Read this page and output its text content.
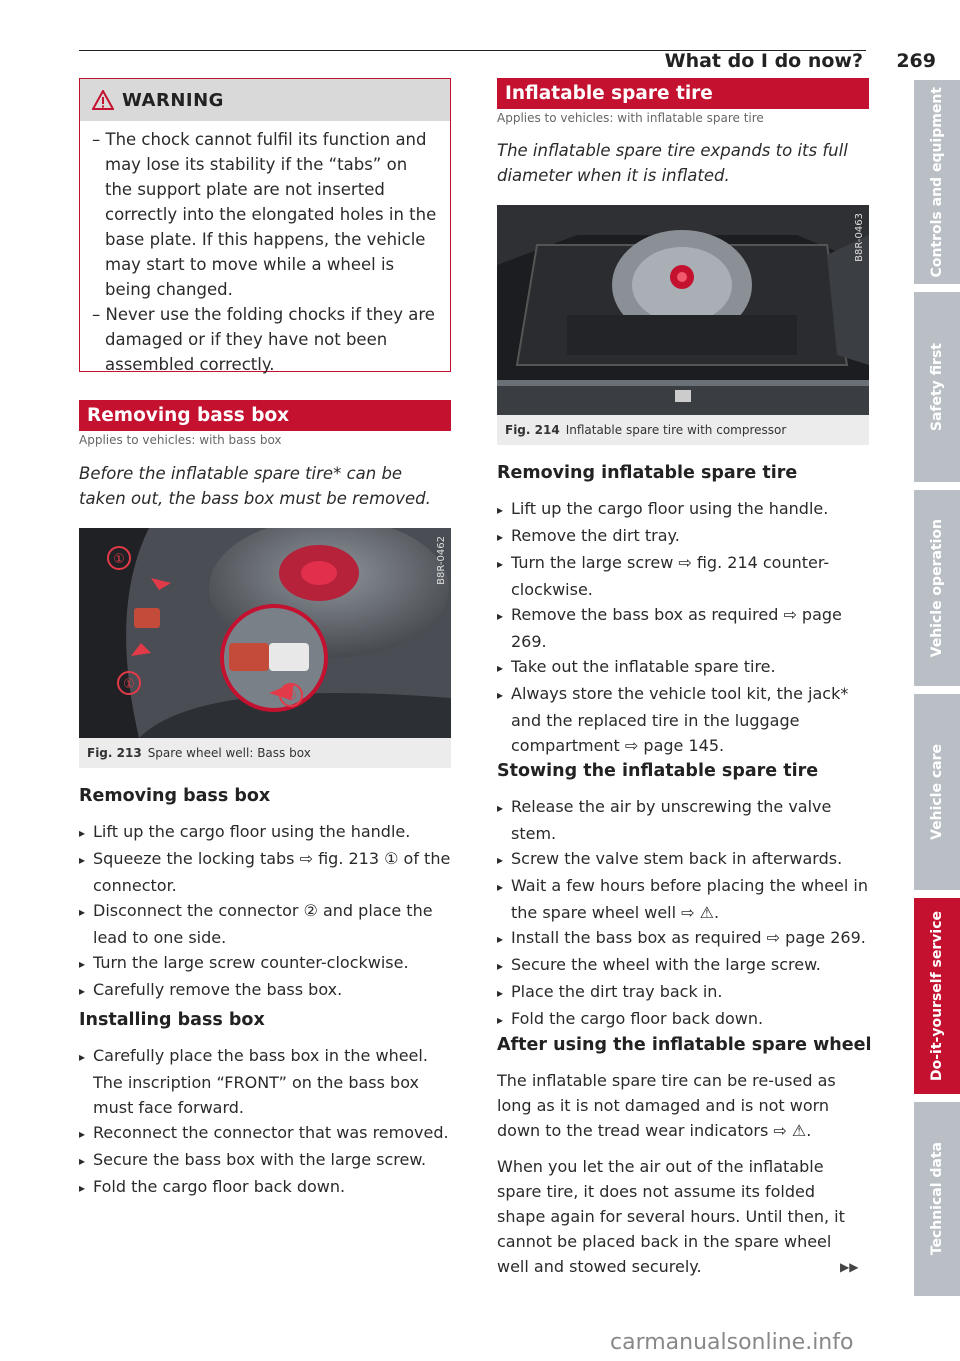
What do I do now? 269
WARNING

– The chock cannot fulfil its function and may lose its stability if the “tabs” on the support plate are not inserted correctly into the elongated holes in the base plate. If this happens, the vehicle may start to move while a wheel is being changed.

– Never use the folding chocks if they are damaged or if they have not been assembled correctly.

Removing bass box
Applies to vehicles: with bass box
Before the inflatable spare tire* can be taken out, the bass box must be removed.
①
①
②
B8R-0462
Fig. 213 Spare wheel well: Bass box
Removing bass box

▸ Lift up the cargo floor using the handle.

▸ Squeeze the locking tabs ⇨ fig. 213 ① of the connector.

▸ Disconnect the connector ② and place the lead to one side.

▸ Turn the large screw counter-clockwise.

▸ Carefully remove the bass box.

Installing bass box

▸ Carefully place the bass box in the wheel. The inscription “FRONT” on the bass box must face forward.

▸ Reconnect the connector that was removed.

▸ Secure the bass box with the large screw.

▸ Fold the cargo floor back down.

Inflatable spare tire
Applies to vehicles: with inflatable spare tire
The inflatable spare tire expands to its full diameter when it is inflated.
B8R-0463
Fig. 214 Inflatable spare tire with compressor
Removing inflatable spare tire

▸ Lift up the cargo floor using the handle.

▸ Remove the dirt tray.

▸ Turn the large screw ⇨ fig. 214 counter-clockwise.

▸ Remove the bass box as required ⇨ page 269.

▸ Take out the inflatable spare tire.

▸ Always store the vehicle tool kit, the jack* and the replaced tire in the luggage compartment ⇨ page 145.

Stowing the inflatable spare tire

▸ Release the air by unscrewing the valve stem.

▸ Screw the valve stem back in afterwards.

▸ Wait a few hours before placing the wheel in the spare wheel well ⇨ ⚠.

▸ Install the bass box as required ⇨ page 269.

▸ Secure the wheel with the large screw.

▸ Place the dirt tray back in.

▸ Fold the cargo floor back down.

After using the inflatable spare wheel
The inflatable spare tire can be re-used as long as it is not damaged and is not worn down to the tread wear indicators ⇨ ⚠.
When you let the air out of the inflatable spare tire, it does not assume its folded shape again for several hours. Until then, it cannot be placed back in the spare wheel well and stowed securely.	▶▶
Controls and equipment
Safety first
Vehicle operation
Vehicle care
Do-it-yourself service
Technical data
carmanualsonline.info
